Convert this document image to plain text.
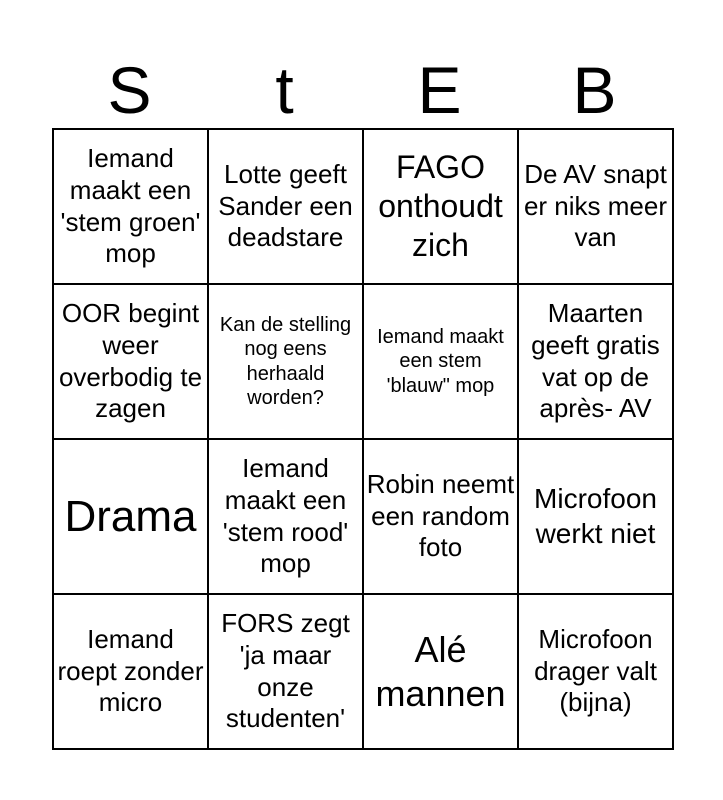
S	t	E	B
Iemand maakt een 'stem groen' mop	Lotte geeft Sander een deadstare	FAGO onthoudt zich	De AV snapt er niks meer van
OOR begint weer overbodig te zagen	Kan de stelling nog eens herhaald worden?	Iemand maakt een stem 'blauw" mop	Maarten geeft gratis vat op de après- AV
Drama	Iemand maakt een 'stem rood' mop	Robin neemt een random foto	Microfoon werkt niet
Iemand roept zonder micro	FORS zegt 'ja maar onze studenten'	Alé mannen	Microfoon drager valt (bijna)
